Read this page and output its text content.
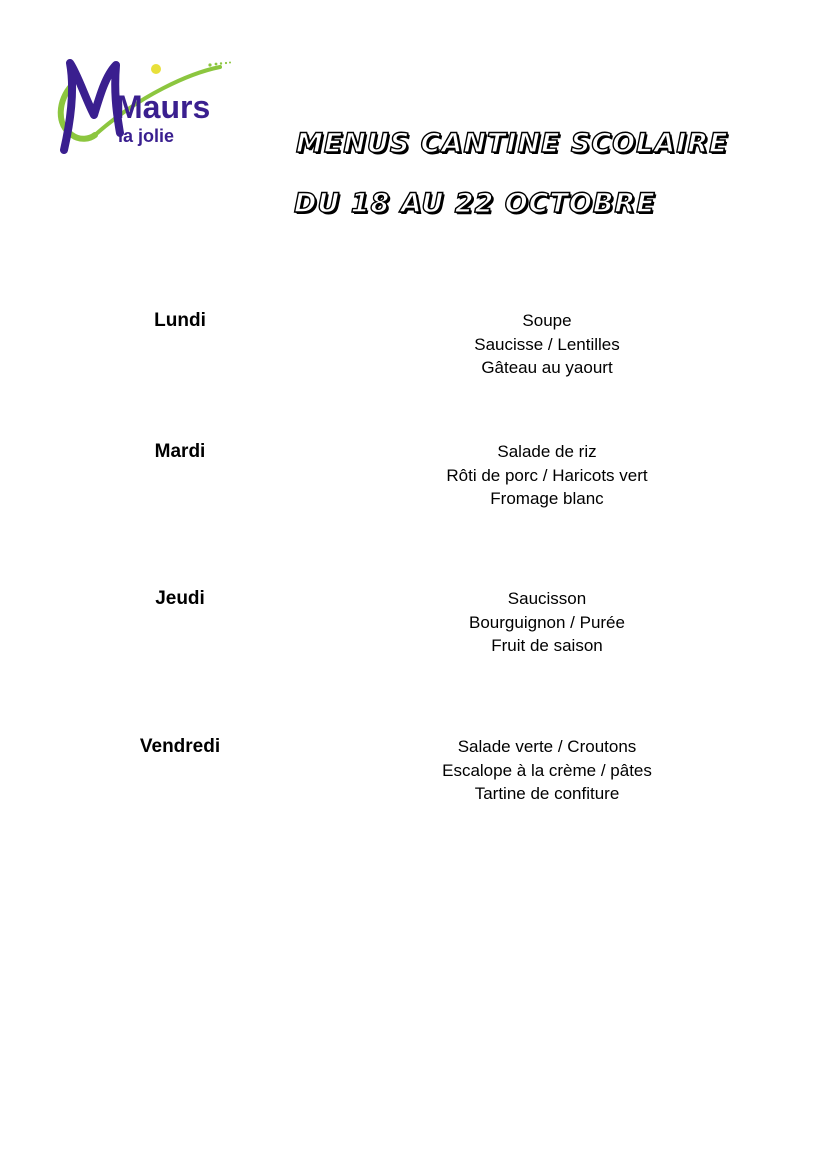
Maurs
la jolie	MENUS CANTINE SCOLAIRE
DU 18 AU 22 OCTOBRE
Lundi	Soupe
Saucisse / Lentilles
Gâteau au yaourt
Mardi	Salade de riz
Rôti de porc / Haricots vert
Fromage blanc
Jeudi	Saucisson
Bourguignon / Purée
Fruit de saison
Vendredi	Salade verte / Croutons
Escalope à la crème / pâtes
Tartine de confiture
